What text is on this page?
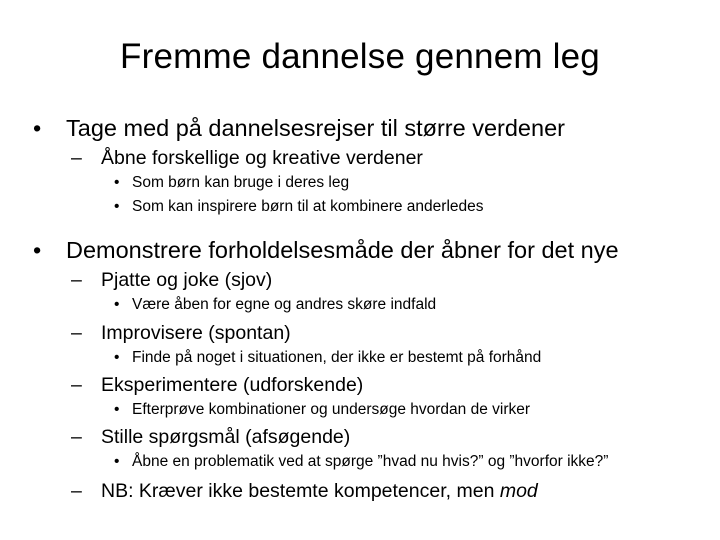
Fremme dannelse gennem leg
• Tage med på dannelsesrejser til større verdener
– Åbne forskellige og kreative verdener
• Som børn kan bruge i deres leg
• Som kan inspirere børn til at kombinere anderledes
• Demonstrere forholdelsesmåde der åbner for det nye
– Pjatte og joke (sjov)
• Være åben for egne og andres skøre indfald
– Improvisere (spontan)
• Finde på noget i situationen, der ikke er bestemt på forhånd
– Eksperimentere (udforskende)
• Efterprøve kombinationer og undersøge hvordan de virker
– Stille spørgsmål (afsøgende)
• Åbne en problematik ved at spørge ”hvad nu hvis?” og ”hvorfor ikke?”
– NB: Kræver ikke bestemte kompetencer, men mod
